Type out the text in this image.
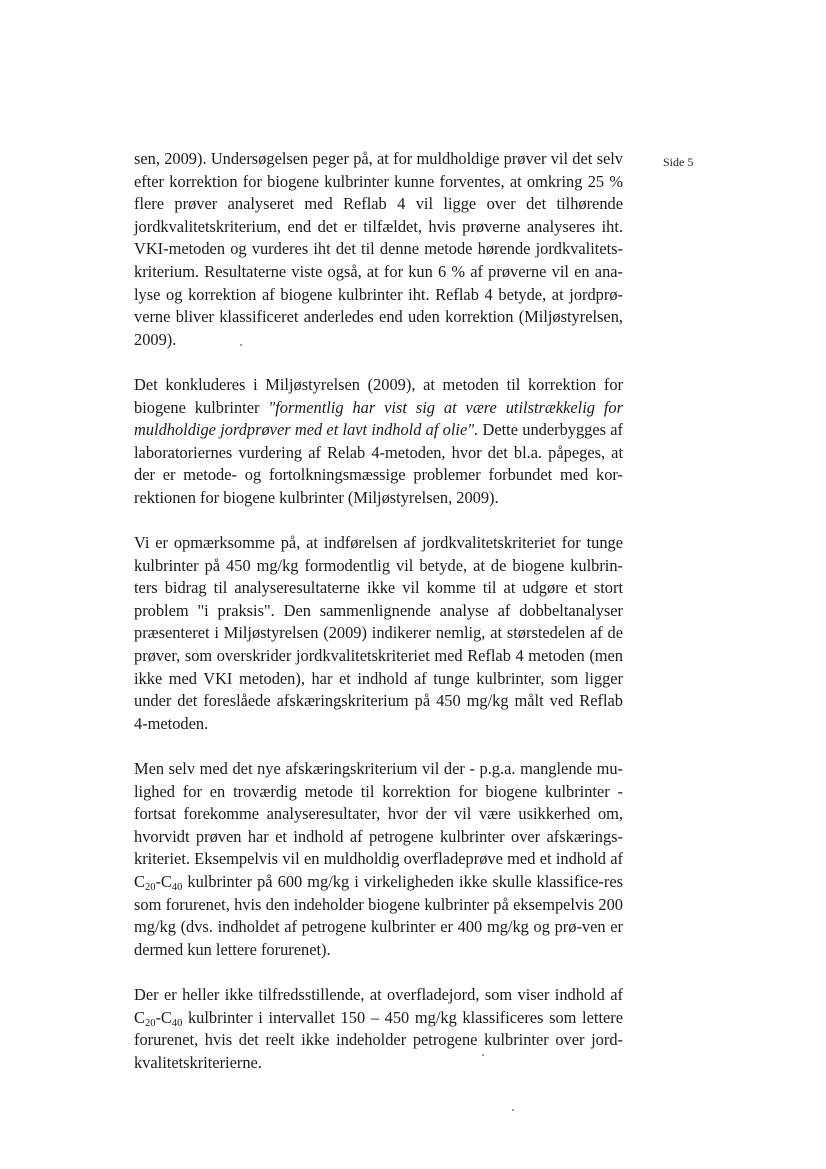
Side 5

sen, 2009). Undersøgelsen peger på, at for muldholdige prøver vil det selv efter korrektion for biogene kulbrinter kunne forventes, at omkring 25 % flere prøver analyseret med Reflab 4 vil ligge over det tilhørende jordkvalitetskriterium, end det er tilfældet, hvis prøverne analyseres iht. VKI-metoden og vurderes iht det til denne metode hørende jordkvalitets-kriterium. Resultaterne viste også, at for kun 6 % af prøverne vil en ana-lyse og korrektion af biogene kulbrinter iht. Reflab 4 betyde, at jordprø-verne bliver klassificeret anderledes end uden korrektion (Miljøstyrelsen, 2009).

Det konkluderes i Miljøstyrelsen (2009), at metoden til korrektion for biogene kulbrinter "formentlig har vist sig at være utilstrækkelig for muldholdige jordprøver med et lavt indhold af olie". Dette underbygges af laboratoriernes vurdering af Relab 4-metoden, hvor det bl.a. påpeges, at der er metode- og fortolkningsmæssige problemer forbundet med kor-rektionen for biogene kulbrinter (Miljøstyrelsen, 2009).

Vi er opmærksomme på, at indførelsen af jordkvalitetskriteriet for tunge kulbrinter på 450 mg/kg formodentlig vil betyde, at de biogene kulbrin-ters bidrag til analyseresultaterne ikke vil komme til at udgøre et stort problem "i praksis". Den sammenlignende analyse af dobbeltanalyser præsenteret i Miljøstyrelsen (2009) indikerer nemlig, at størstedelen af de prøver, som overskrider jordkvalitetskriteriet med Reflab 4 metoden (men ikke med VKI metoden), har et indhold af tunge kulbrinter, som ligger under det foreslåede afskæringskriterium på 450 mg/kg målt ved Reflab 4-metoden.

Men selv med det nye afskæringskriterium vil der - p.g.a. manglende mu-lighed for en troværdig metode til korrektion for biogene kulbrinter - fortsat forekomme analyseresultater, hvor der vil være usikkerhed om, hvorvidt prøven har et indhold af petrogene kulbrinter over afskærings-kriteriet. Eksempelvis vil en muldholdig overfladeprøve med et indhold af $C_{20}-C_{40}$ kulbrinter på 600 mg/kg i virkeligheden ikke skulle klassifice-res som forurenet, hvis den indeholder biogene kulbrinter på eksempelvis 200 mg/kg (dvs. indholdet af petrogene kulbrinter er 400 mg/kg og prø-ven er dermed kun lettere forurenet).

Der er heller ikke tilfredsstillende, at overfladejord, som viser indhold af $C_{20}-C_{40}$ kulbrinter i intervallet 150 – 450 mg/kg klassificeres som lettere forurenet, hvis det reelt ikke indeholder petrogene kulbrinter over jord-kvalitetskriterierne.
